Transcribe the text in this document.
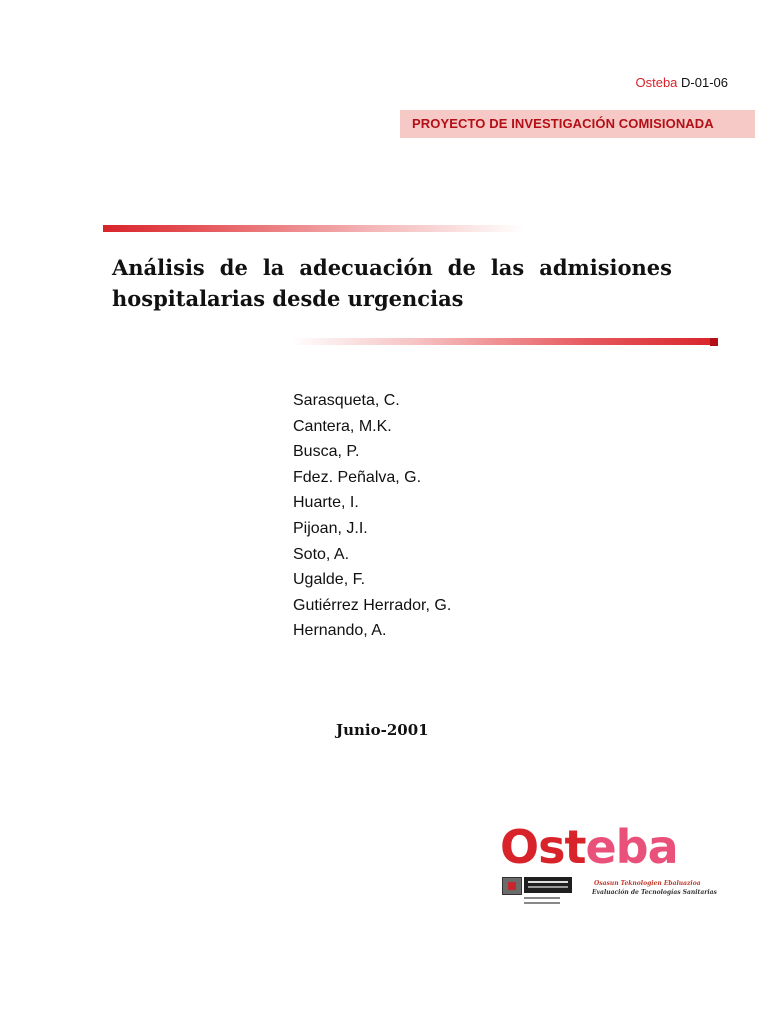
Osteba D-01-06
PROYECTO DE INVESTIGACIÓN COMISIONADA
Análisis de la adecuación de las admisiones
hospitalarias desde urgencias
Sarasqueta, C.
Cantera, M.K.
Busca, P.
Fdez. Peñalva, G.
Huarte, I.
Pijoan, J.I.
Soto, A.
Ugalde, F.
Gutiérrez Herrador, G.
Hernando, A.
Junio-2001
Osteba
Osasun Teknologien Ebaluazioa
Evaluación de Tecnologías Sanitarias
